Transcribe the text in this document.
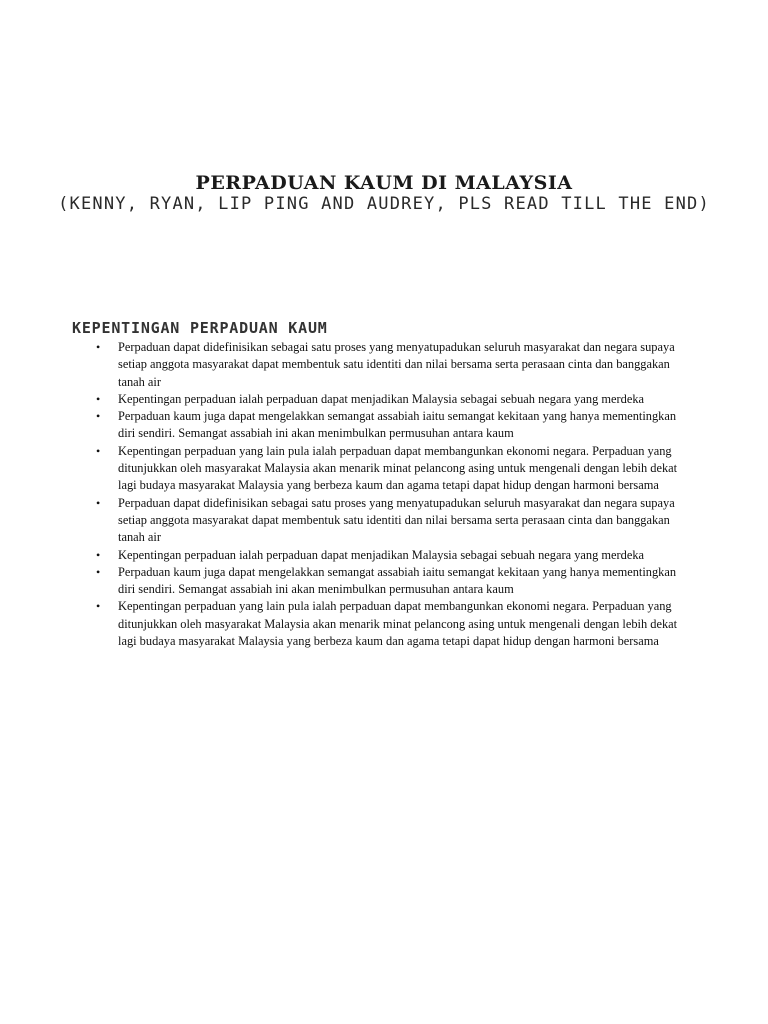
PERPADUAN KAUM DI MALAYSIA
(KENNY, RYAN, LIP PING AND AUDREY, PLS READ TILL THE END)
KEPENTINGAN PERPADUAN KAUM
• Perpaduan dapat didefinisikan sebagai satu proses yang menyatupadukan seluruh masyarakat dan negara supaya setiap anggota masyarakat dapat membentuk satu identiti dan nilai bersama serta perasaan cinta dan banggakan tanah air
• Kepentingan perpaduan ialah perpaduan dapat menjadikan Malaysia sebagai sebuah negara yang merdeka
• Perpaduan kaum juga dapat mengelakkan semangat assabiah iaitu semangat kekitaan yang hanya mementingkan diri sendiri. Semangat assabiah ini akan menimbulkan permusuhan antara kaum
• Kepentingan perpaduan yang lain pula ialah perpaduan dapat membangunkan ekonomi negara. Perpaduan yang ditunjukkan oleh masyarakat Malaysia akan menarik minat pelancong asing untuk mengenali dengan lebih dekat lagi budaya masyarakat Malaysia yang berbeza kaum dan agama tetapi dapat hidup dengan harmoni bersama
• Perpaduan dapat didefinisikan sebagai satu proses yang menyatupadukan seluruh masyarakat dan negara supaya setiap anggota masyarakat dapat membentuk satu identiti dan nilai bersama serta perasaan cinta dan banggakan tanah air
• Kepentingan perpaduan ialah perpaduan dapat menjadikan Malaysia sebagai sebuah negara yang merdeka
• Perpaduan kaum juga dapat mengelakkan semangat assabiah iaitu semangat kekitaan yang hanya mementingkan diri sendiri. Semangat assabiah ini akan menimbulkan permusuhan antara kaum
• Kepentingan perpaduan yang lain pula ialah perpaduan dapat membangunkan ekonomi negara. Perpaduan yang ditunjukkan oleh masyarakat Malaysia akan menarik minat pelancong asing untuk mengenali dengan lebih dekat lagi budaya masyarakat Malaysia yang berbeza kaum dan agama tetapi dapat hidup dengan harmoni bersama
